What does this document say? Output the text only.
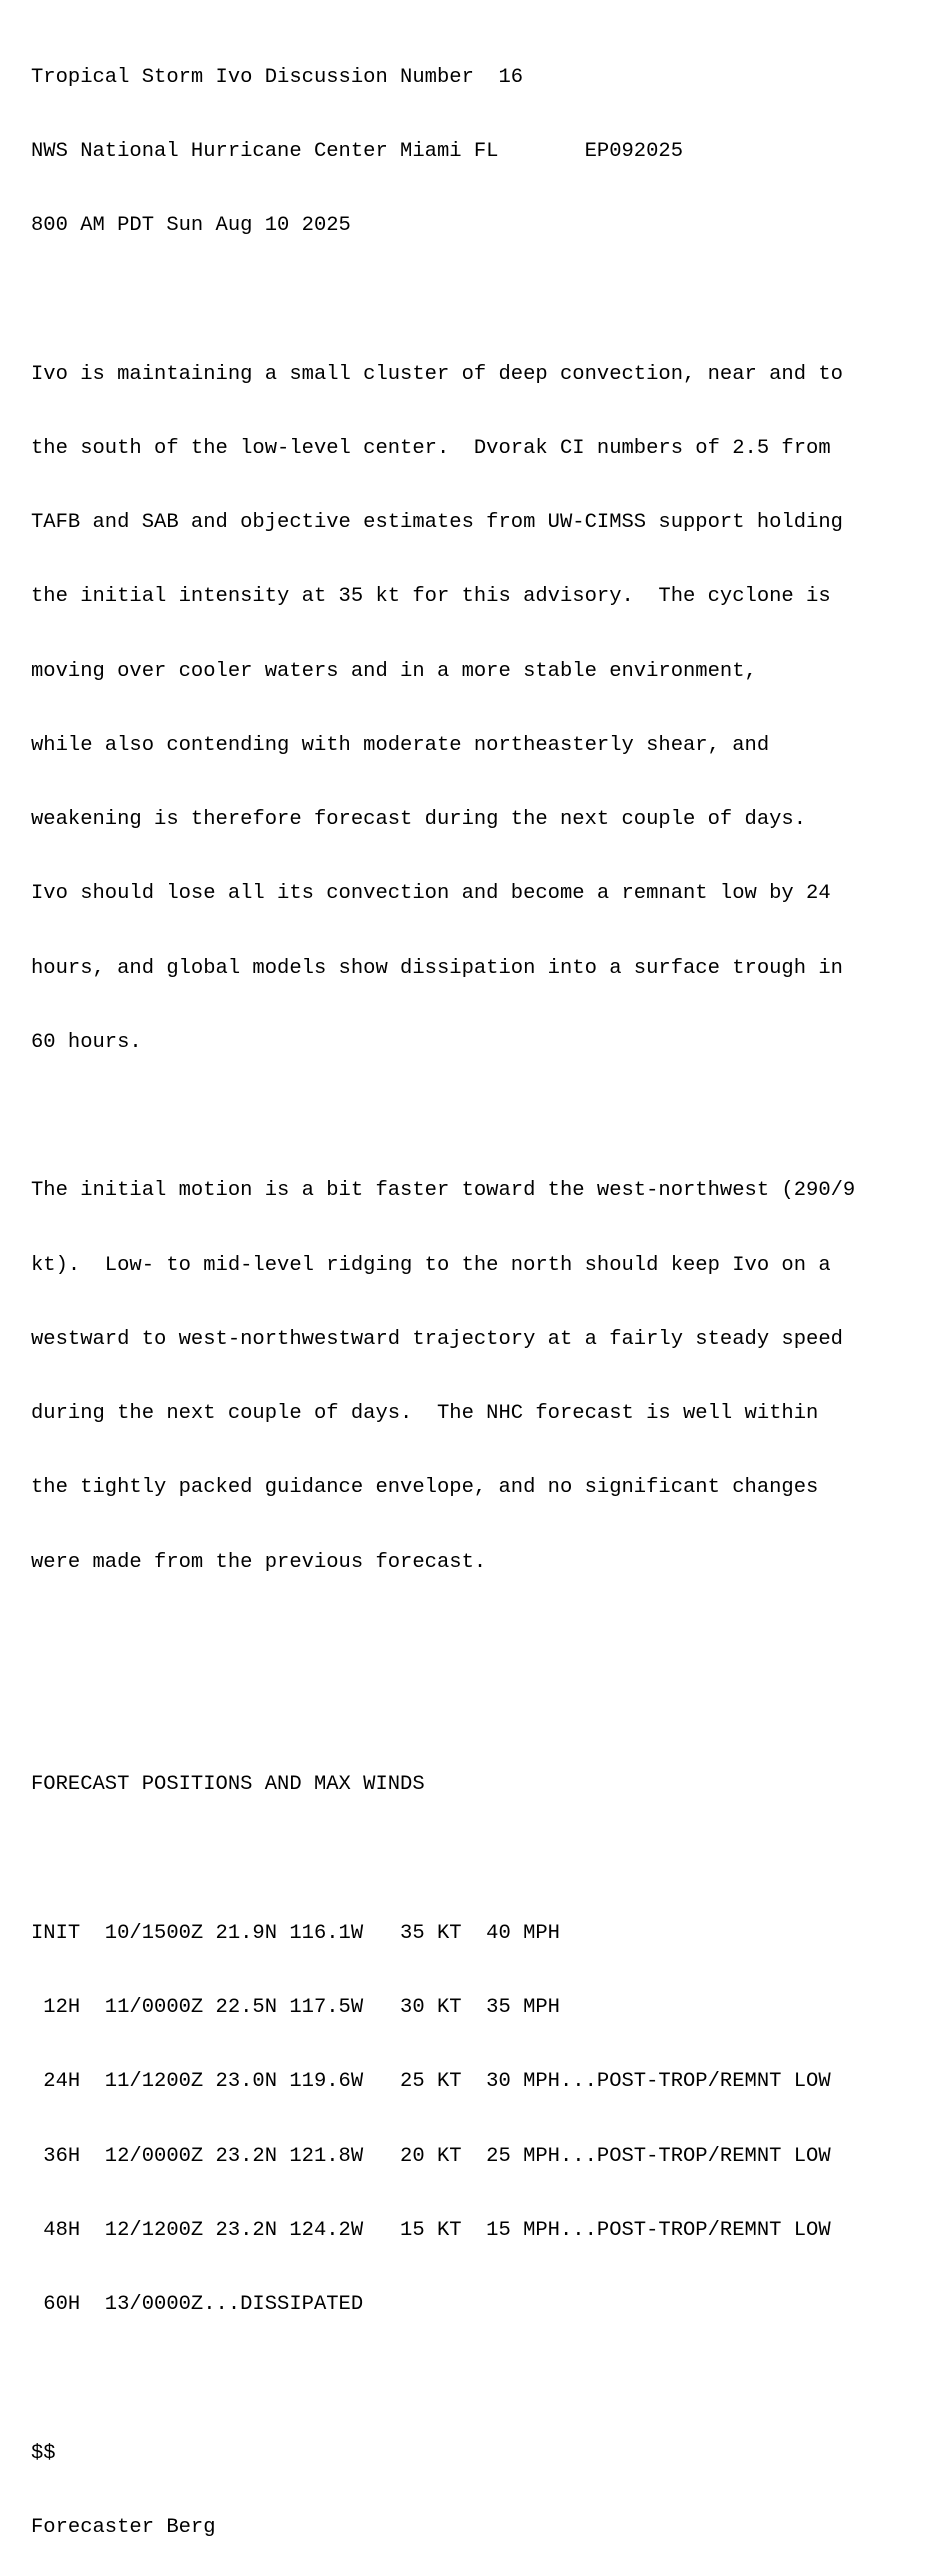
Tropical Storm Ivo Discussion Number  16

NWS National Hurricane Center Miami FL       EP092025

800 AM PDT Sun Aug 10 2025

Ivo is maintaining a small cluster of deep convection, near and to

the south of the low-level center.  Dvorak CI numbers of 2.5 from

TAFB and SAB and objective estimates from UW-CIMSS support holding

the initial intensity at 35 kt for this advisory.  The cyclone is

moving over cooler waters and in a more stable environment,

while also contending with moderate northeasterly shear, and

weakening is therefore forecast during the next couple of days.

Ivo should lose all its convection and become a remnant low by 24

hours, and global models show dissipation into a surface trough in

60 hours.

The initial motion is a bit faster toward the west-northwest (290/9

kt).  Low- to mid-level ridging to the north should keep Ivo on a

westward to west-northwestward trajectory at a fairly steady speed

during the next couple of days.  The NHC forecast is well within

the tightly packed guidance envelope, and no significant changes

were made from the previous forecast.

FORECAST POSITIONS AND MAX WINDS

INIT  10/1500Z 21.9N 116.1W   35 KT  40 MPH

12H  11/0000Z 22.5N 117.5W   30 KT  35 MPH

24H  11/1200Z 23.0N 119.6W   25 KT  30 MPH...POST-TROP/REMNT LOW

36H  12/0000Z 23.2N 121.8W   20 KT  25 MPH...POST-TROP/REMNT LOW

48H  12/1200Z 23.2N 124.2W   15 KT  15 MPH...POST-TROP/REMNT LOW

60H  13/0000Z...DISSIPATED

$$

Forecaster Berg
